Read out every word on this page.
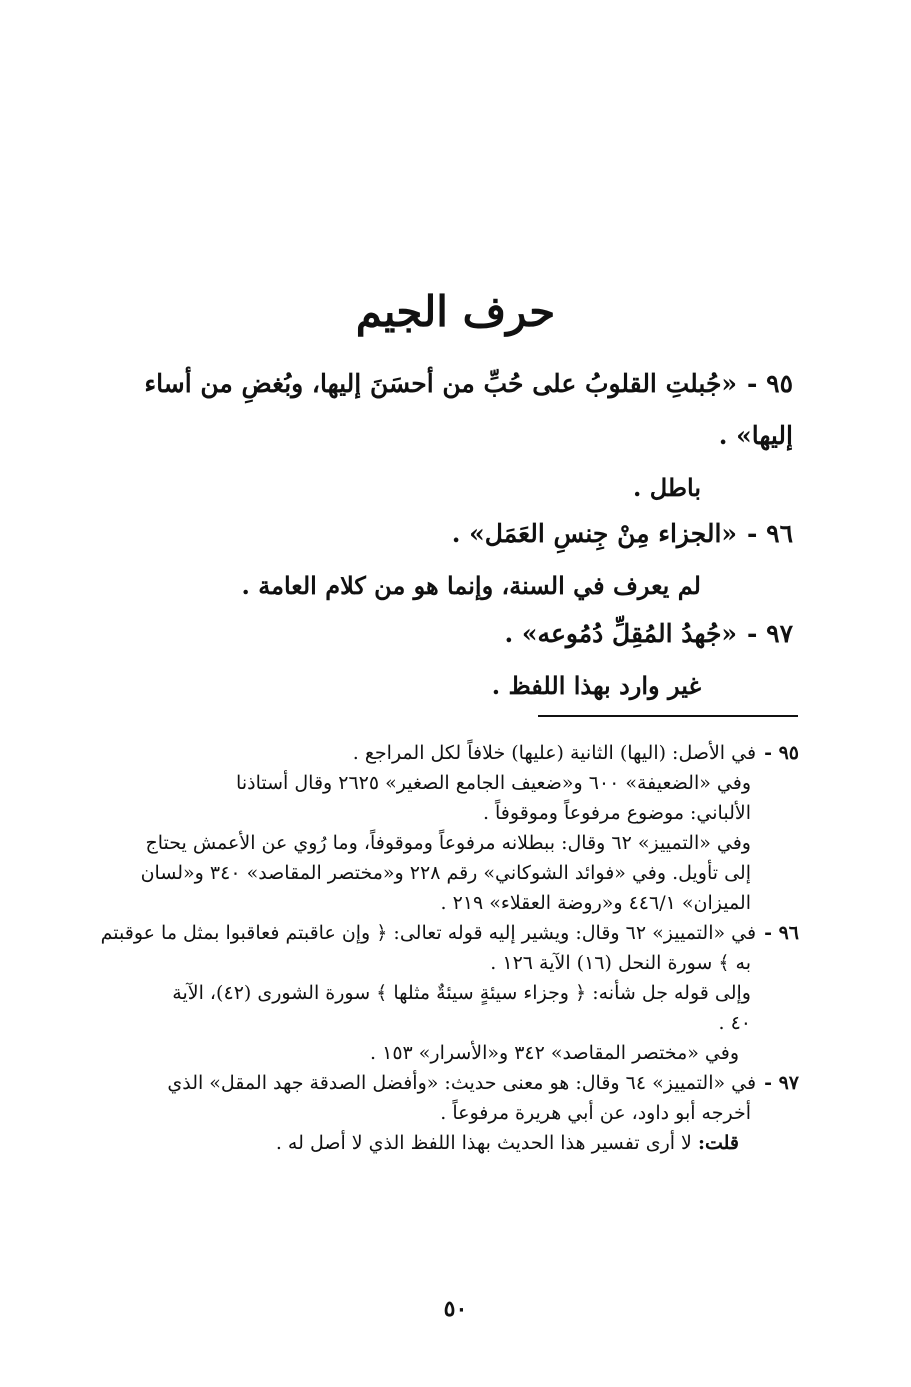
حرف الجيم
٩٥ -«جُبلتِ القلوبُ على حُبِّ من أحسَنَ إليها، وبُغضِ من أساء
إليها» .
باطل .
٩٦ -«الجزاء مِنْ جِنسِ العَمَل» .
لم يعرف في السنة، وإنما هو من كلام العامة .
٩٧ -«جُهدُ المُقِلِّ دُمُوعه» .
غير وارد بهذا اللفظ .
٩٥ -في الأصل: (اليها) الثانية (عليها) خلافاً لكل المراجع .
وفي «الضعيفة» ٦٠٠ و«ضعيف الجامع الصغير» ٢٦٢٥ وقال أستاذنا
الألباني: موضوع مرفوعاً وموقوفاً .
وفي «التمييز» ٦٢ وقال: ببطلانه مرفوعاً وموقوفاً، وما رُوي عن الأعمش يحتاج
إلى تأويل. وفي «فوائد الشوكاني» رقم ٢٢٨ و«مختصر المقاصد» ٣٤٠ و«لسان
الميزان» ٤٤٦/١ و«روضة العقلاء» ٢١٩ .
٩٦ -في «التمييز» ٦٢ وقال: ويشير إليه قوله تعالى: ﴿ وإن عاقبتم فعاقبوا بمثل ما عوقبتم
به ﴾ سورة النحل (١٦) الآية ١٢٦ .
وإلى قوله جل شأنه: ﴿ وجزاء سيئةٍ سيئةٌ مثلها ﴾ سورة الشورى (٤٢)، الآية
٤٠ .
وفي «مختصر المقاصد» ٣٤٢ و«الأسرار» ١٥٣ .
٩٧ -في «التمييز» ٦٤ وقال: هو معنى حديث: «وأفضل الصدقة جهد المقل» الذي
أخرجه أبو داود، عن أبي هريرة مرفوعاً .
قلت: لا أرى تفسير هذا الحديث بهذا اللفظ الذي لا أصل له .
٥٠
